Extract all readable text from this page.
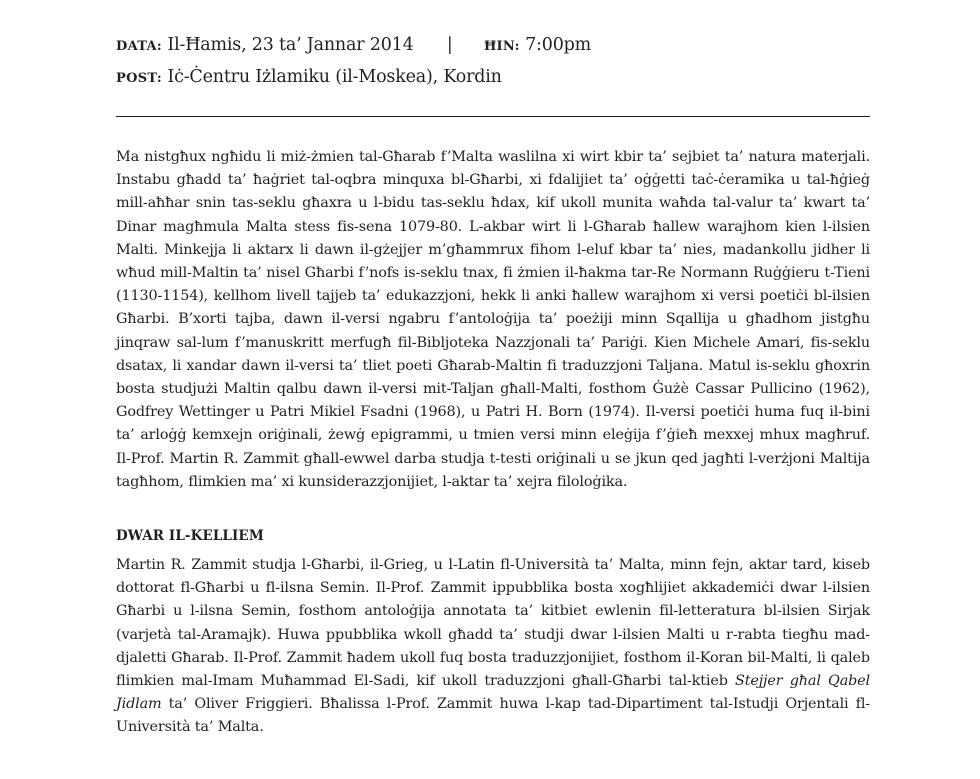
DATA: Il-Ħamis, 23 ta’ Jannar 2014 | ĦIN: 7:00pm
POST: Iċ-Ċentru Iżlamiku (il-Moskea), Kordin

Ma nistgħux ngħidu li miż-żmien tal-Għarab f’Malta waslilna xi wirt kbir ta’ sejbiet ta’ natura materjali. Instabu għadd ta’ ħaġriet tal-oqbra minquxa bl-Għarbi, xi fdalijiet ta’ oġġetti taċ-ċeramika u tal-ħġieġ mill-aħħar snin tas-seklu għaxra u l-bidu tas-seklu ħdax, kif ukoll munita waħda tal-valur ta’ kwart ta’ Dinar magħmula Malta stess fis-sena 1079-80. L-akbar wirt li l-Għarab ħallew warajhom kien l-ilsien Malti. Minkejja li aktarx li dawn il-gżejjer m’għammrux fihom l-eluf kbar ta’ nies, madankollu jidher li wħud mill-Maltin ta’ nisel Għarbi f’nofs is-seklu tnax, fi żmien il-ħakma tar-Re Normann Ruġġieru t-Tieni (1130-1154), kellhom livell tajjeb ta’ edukazzjoni, hekk li anki ħallew warajhom xi versi poetiċi bl-ilsien Għarbi. B’xorti tajba, dawn il-versi ngabru f’antoloġija ta’ poeżiji minn Sqallija u għadhom jistgħu jinqraw sal-lum f’manuskritt merfugħ fil-Bibljoteka Nazzjonali ta’ Pariġi. Kien Michele Amari, fis-seklu dsatax, li xandar dawn il-versi ta’ tliet poeti Għarab-Maltin fi traduzzjoni Taljana. Matul is-seklu għoxrin bosta studjużi Maltin qalbu dawn il-versi mit-Taljan għall-Malti, fosthom Ġużè Cassar Pullicino (1962), Godfrey Wettinger u Patri Mikiel Fsadni (1968), u Patri H. Born (1974). Il-versi poetiċi huma fuq il-bini ta’ arloġġ kemxejn oriġinali, żewġ epigrammi, u tmien versi minn eleġija f’ġieħ mexxej mhux magħruf. Il-Prof. Martin R. Zammit għall-ewwel darba studja t-testi oriġinali u se jkun qed jagħti l-verżjoni Maltija tagħhom, flimkien ma’ xi kunsiderazzjonijiet, l-aktar ta’ xejra filoloġika.

DWAR IL-KELLIEM

Martin R. Zammit studja l-Għarbi, il-Grieg, u l-Latin fl-Università ta’ Malta, minn fejn, aktar tard, kiseb dottorat fl-Għarbi u fl-ilsna Semin. Il-Prof. Zammit ippubblika bosta xogħlijiet akkademiċi dwar l-ilsien Għarbi u l-ilsna Semin, fosthom antoloġija annotata ta’ kitbiet ewlenin fil-letteratura bl-ilsien Sirjak (varjetà tal-Aramajk). Huwa ppubblika wkoll għadd ta’ studji dwar l-ilsien Malti u r-rabta tiegħu mad-djaletti Għarab. Il-Prof. Zammit ħadem ukoll fuq bosta traduzzjonijiet, fosthom il-Koran bil-Malti, li qaleb flimkien mal-Imam Muħammad El-Sadi, kif ukoll traduzzjoni għall-Għarbi tal-ktieb Stejjer għal Qabel Jidlam ta’ Oliver Friggieri. Bħalissa l-Prof. Zammit huwa l-kap tad-Dipartiment tal-Istudji Orjentali fl-Università ta’ Malta.
